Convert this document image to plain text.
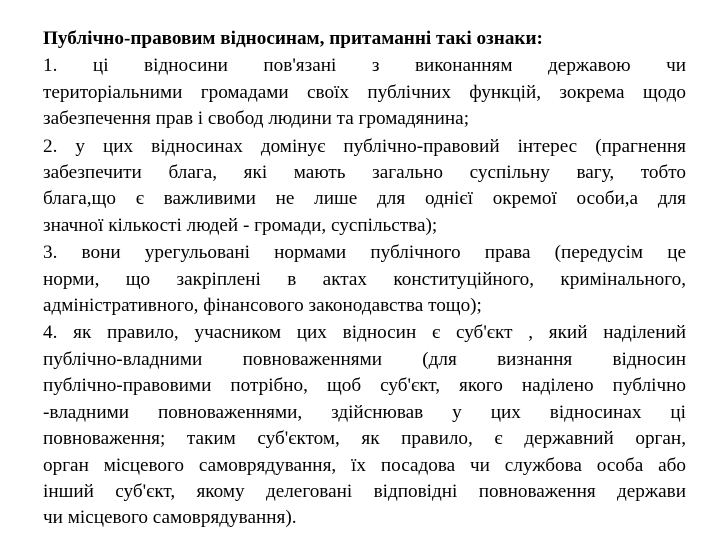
Публічно-правовим відносинам, притаманні такі ознаки:
1. ці відносини пов'язані з виконанням державою чи
територіальними громадами своїх публічних функцій, зокрема щодо
забезпечення прав і свобод людини та громадянина;
2. у цих відносинах домінує публічно-правовий інтерес (прагнення
забезпечити блага, які мають загально суспільну вагу, тобто
блага,що є важливими не лише для однієї окремої особи,а для
значної кількості людей - громади, суспільства);
3. вони урегульовані нормами публічного права (передусім це
норми, що закріплені в актах конституційного, кримінального,
адміністративного, фінансового законодавства тощо);
4. як правило, учасником цих відносин є суб'єкт , який наділений
публічно-владними повноваженнями (для визнання відносин
публічно-правовими потрібно, щоб суб'єкт, якого наділено публічно
-владними повноваженнями, здійснював у цих відносинах ці
повноваження; таким суб'єктом, як правило, є державний орган,
орган місцевого самоврядування, їх посадова чи службова особа або
інший суб'єкт, якому делеговані відповідні повноваження держави
чи місцевого самоврядування).
